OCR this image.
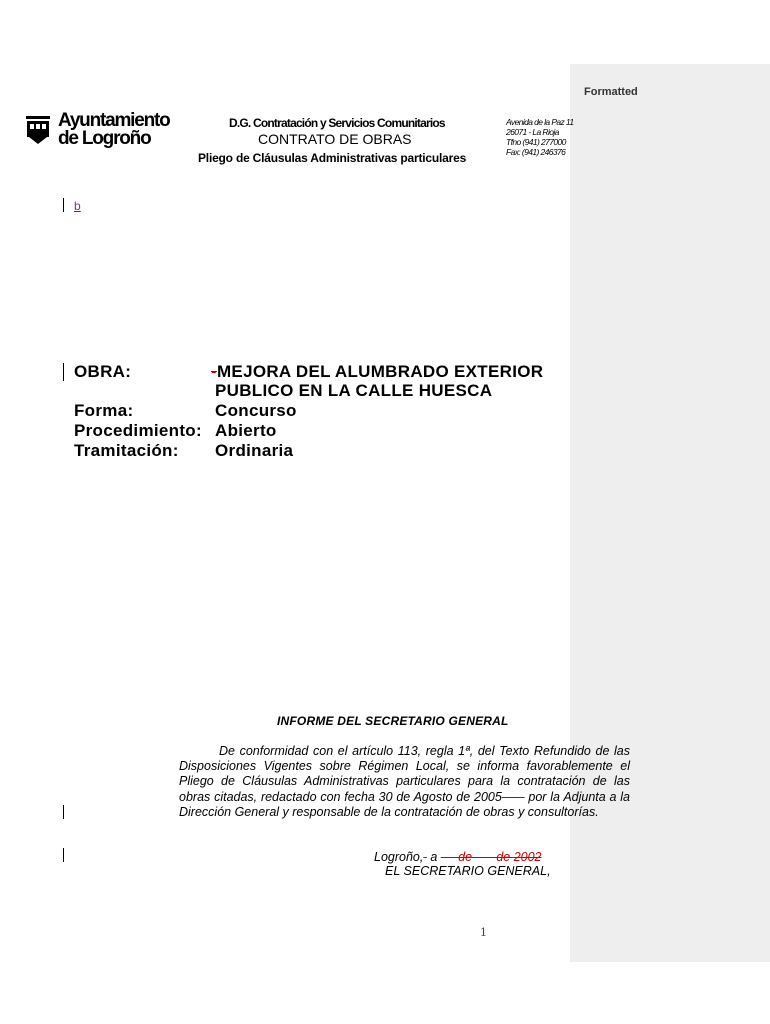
Formatted
Ayuntamiento
de Logroño
D.G. Contratación y Servicios Comunitarios
CONTRATO DE OBRAS
Pliego de Cláusulas Administrativas particulares
Avenida de la Paz 11
26071 - La Rioja
Tfno (941) 277000
Fax: (941) 246376
b
OBRA:	-MEJORA DEL ALUMBRADO EXTERIOR
PUBLICO EN LA CALLE HUESCA
Forma:	Concurso
Procedimiento: Abierto
Tramitación: Ordinaria
INFORME DEL SECRETARIO GENERAL
De conformidad con el artículo 113, regla 1ª, del Texto Refundido de las Disposiciones Vigentes sobre Régimen Local, se informa favorablemente el Pliego de Cláusulas Administrativas particulares para la contratación de las obras citadas, redactado con fecha 30 de Agosto de 2005       por la Adjunta a la Dirección General y responsable de la contratación de obras y consultorías.
Logroño,  a      de       de 2002
EL SECRETARIO GENERAL,
1
